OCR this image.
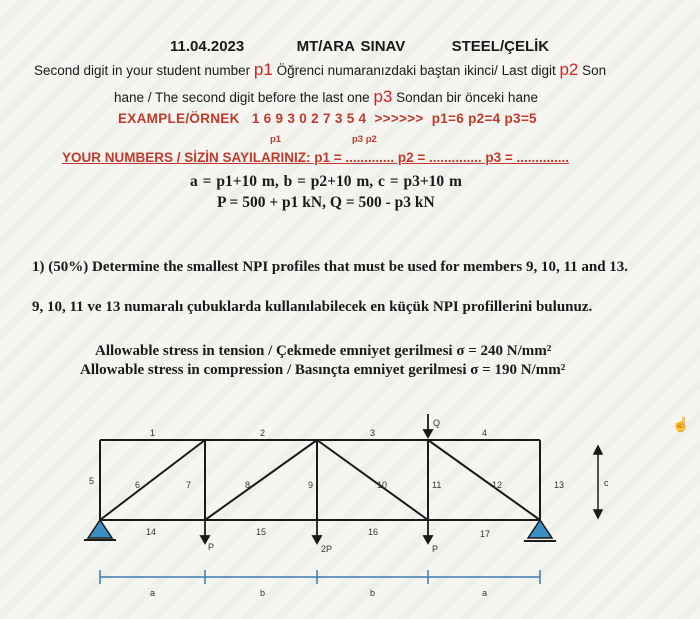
11.04.2023	MT/ARA SINAV	STEEL/ÇELİK
Second digit in your student number p1 Öğrenci numaranızdaki baştan ikinci/ Last digit p2 Son
hane / The second digit before the last one p3 Sondan bir önceki hane
EXAMPLE/ÖRNEK 1 6 9 3 0 2 7 3 5 4 >>>>>> p1=6 p2=4 p3=5
p1	p3 p2
YOUR NUMBERS / SİZİN SAYILARINIZ: p1 = ............. p2 = .............. p3 = ..............
a = p1+10 m, b = p2+10 m, c = p3+10 m
P = 500 + p1 kN, Q = 500 - p3 kN
1) (50%) Determine the smallest NPI profiles that must be used for members 9, 10, 11 and 13.
9, 10, 11 ve 13 numaralı çubuklarda kullanılabilecek en küçük NPI profillerini bulunuz.
Allowable stress in tension / Çekmede emniyet gerilmesi σ = 240 N/mm²
Allowable stress in compression / Basınçta emniyet gerilmesi σ = 190 N/mm²
1	2	3	4
5	7	9	11	13
6	8	10	12
14	15	16	17
P	2P	P
Q
c
a	b	b	a
☝
